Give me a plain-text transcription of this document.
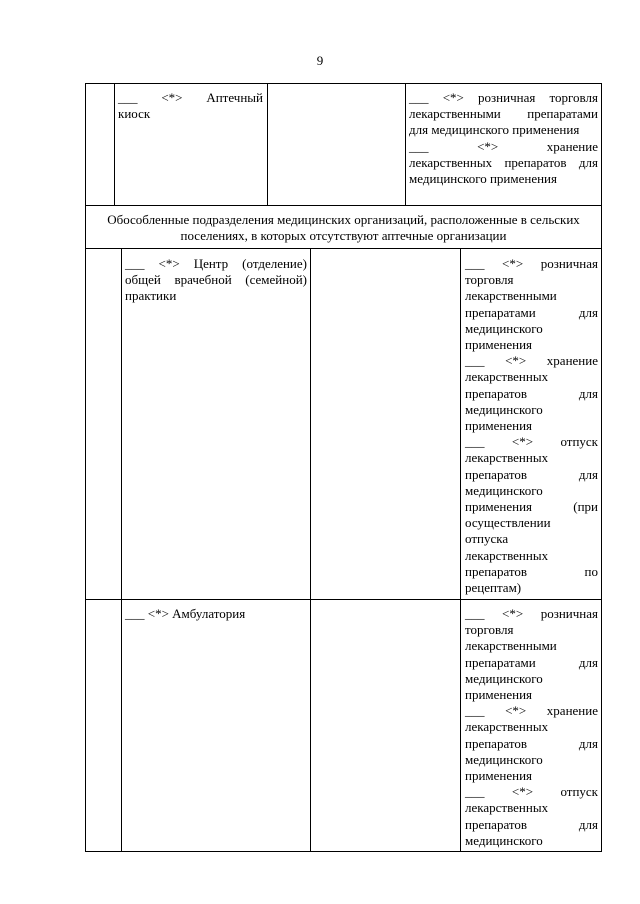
9
___ <*> Аптечный
киоск
___ <*> розничная торговля
лекарственными препаратами
для медицинского применения
___ <*> хранение
лекарственных препаратов для
медицинского применения
Обособленные подразделения медицинских организаций, расположенные в сельских
поселениях, в которых отсутствуют аптечные организации
___ <*> Центр (отделение)
общей врачебной (семейной)
практики
___ <*> розничная
торговля
лекарственными
препаратами для
медицинского
применения
___ <*> хранение
лекарственных
препаратов для
медицинского
применения
___ <*> отпуск
лекарственных
препаратов для
медицинского
применения (при
осуществлении
отпуска
лекарственных
препаратов по
рецептам)
___ <*> Амбулатория	___ <*> розничная
торговля
лекарственными
препаратами для
медицинского
применения
___ <*> хранение
лекарственных
препаратов для
медицинского
применения
___ <*> отпуск
лекарственных
препаратов для
медицинского
